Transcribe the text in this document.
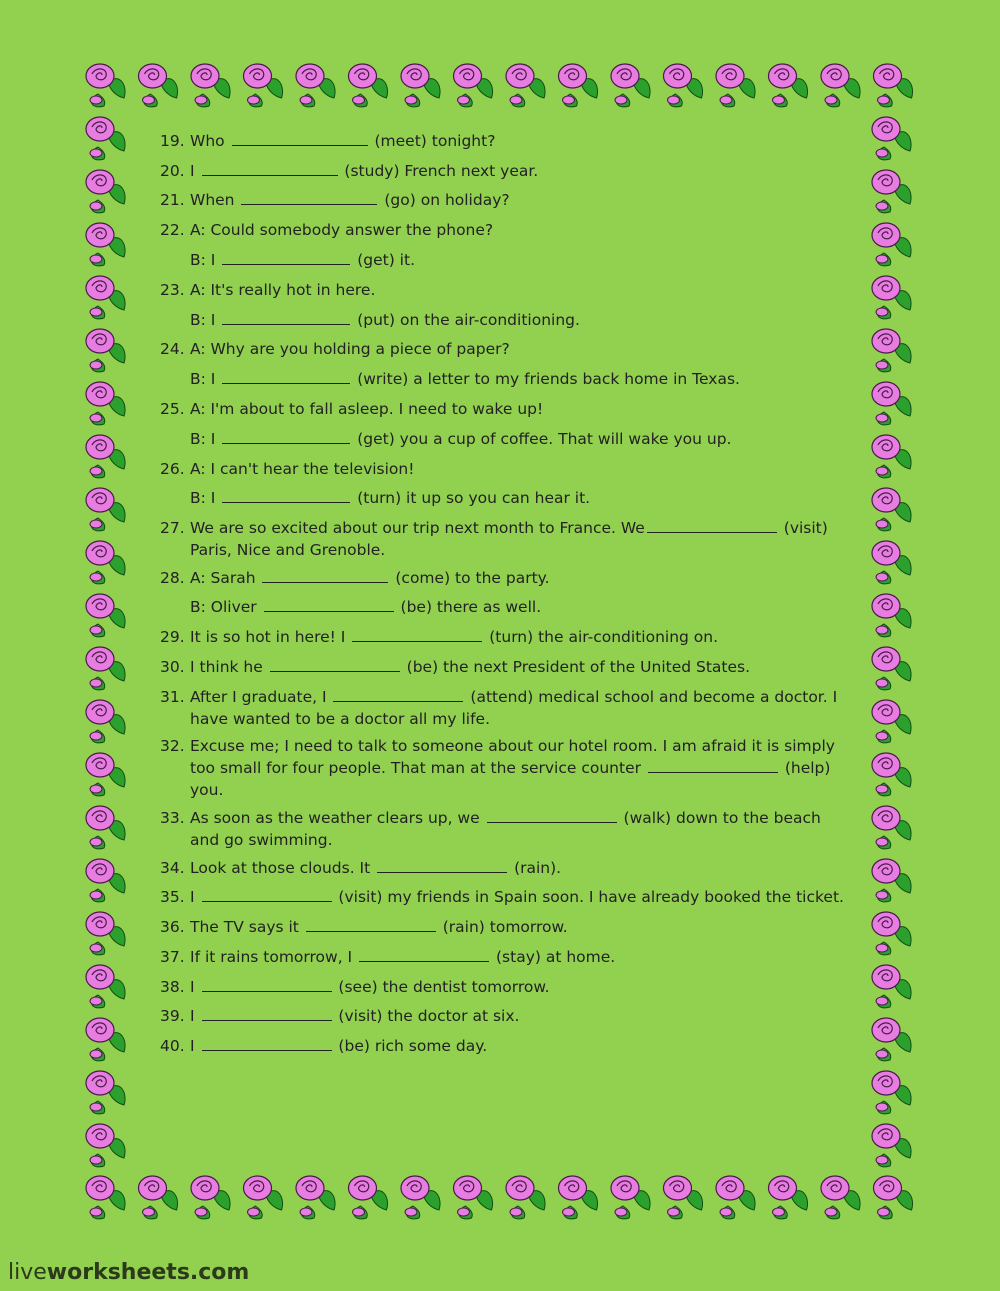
19. Who	(meet) tonight?
20. I	(study) French next year.
21. When	(go) on holiday?
22. A: Could somebody answer the phone?
B: I	(get) it.
23. A: It's really hot in here.
B: I	(put) on the air-conditioning.
24. A: Why are you holding a piece of paper?
B: I	(write) a letter to my friends back home in Texas.
25. A: I'm about to fall asleep. I need to wake up!
B: I	(get) you a cup of coffee. That will wake you up.
26. A: I can't hear the television!
B: I	(turn) it up so you can hear it.
27. We are so excited about our trip next month to France. We	(visit) Paris, Nice and Grenoble.
28. A: Sarah	(come) to the party.
B: Oliver	(be) there as well.
29. It is so hot in here! I	(turn) the air-conditioning on.
30. I think he	(be) the next President of the United States.
31. After I graduate, I	(attend) medical school and become a doctor. I have wanted to be a doctor all my life.
32. Excuse me; I need to talk to someone about our hotel room. I am afraid it is simply too small for four people. That man at the service counter	(help) you.
33. As soon as the weather clears up, we	(walk) down to the beach and go swimming.
34. Look at those clouds. It	(rain).
35. I	(visit) my friends in Spain soon. I have already booked the ticket.
36. The TV says it	(rain) tomorrow.
37. If it rains tomorrow, I	(stay) at home.
38. I	(see) the dentist tomorrow.
39. I	(visit) the doctor at six.
40. I	(be) rich some day.
liveworksheets.com
